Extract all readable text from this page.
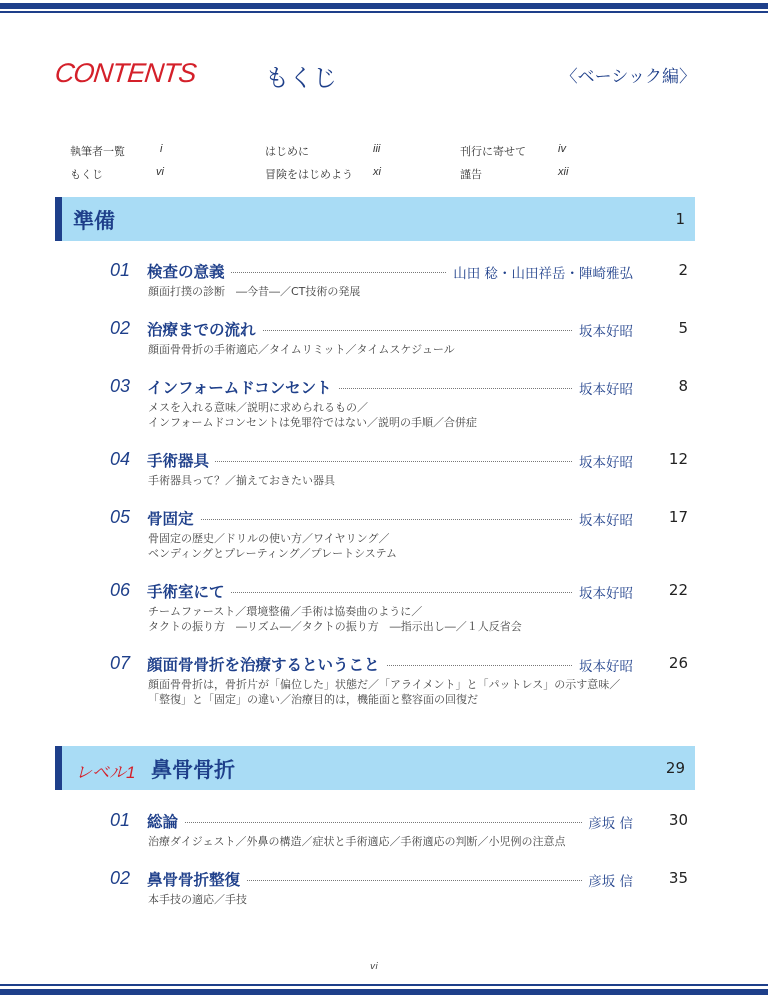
CONTENTS	もくじ	〈ベーシック編〉
執筆者一覧	i	はじめに	iii	刊行に寄せて	iv
もくじ	vi	冒険をはじめよう xi	謹告	xii
準備	1
01 検査の意義	山田 稔・山田祥岳・陣崎雅弘	2
顔面打撲の診断　―今昔―／CT技術の発展
02 治療までの流れ	坂本好昭	5
顔面骨骨折の手術適応／タイムリミット／タイムスケジュール
03 インフォームドコンセント	坂本好昭	8
メスを入れる意味／説明に求められるもの／
インフォームドコンセントは免罪符ではない／説明の手順／合併症
04 手術器具	坂本好昭 12
手術器具って？／揃えておきたい器具
05 骨固定	坂本好昭 17
骨固定の歴史／ドリルの使い方／ワイヤリング／
ベンディングとプレーティング／プレートシステム
06 手術室にて	坂本好昭 22
チームファースト／環境整備／手術は協奏曲のように／
タクトの振り方　―リズム―／タクトの振り方　―指示出し―／１人反省会
07 顔面骨骨折を治療するということ	坂本好昭 26
顔面骨骨折は，骨折片が「偏位した」状態だ／「アライメント」と「パットレス」の示す意味／
「整復」と「固定」の違い／治療目的は，機能面と整容面の回復だ
レベル1 鼻骨骨折	29
01 総論	彦坂 信 30
治療ダイジェスト／外鼻の構造／症状と手術適応／手術適応の判断／小児例の注意点
02 鼻骨骨折整復	彦坂 信 35
本手技の適応／手技
vi
